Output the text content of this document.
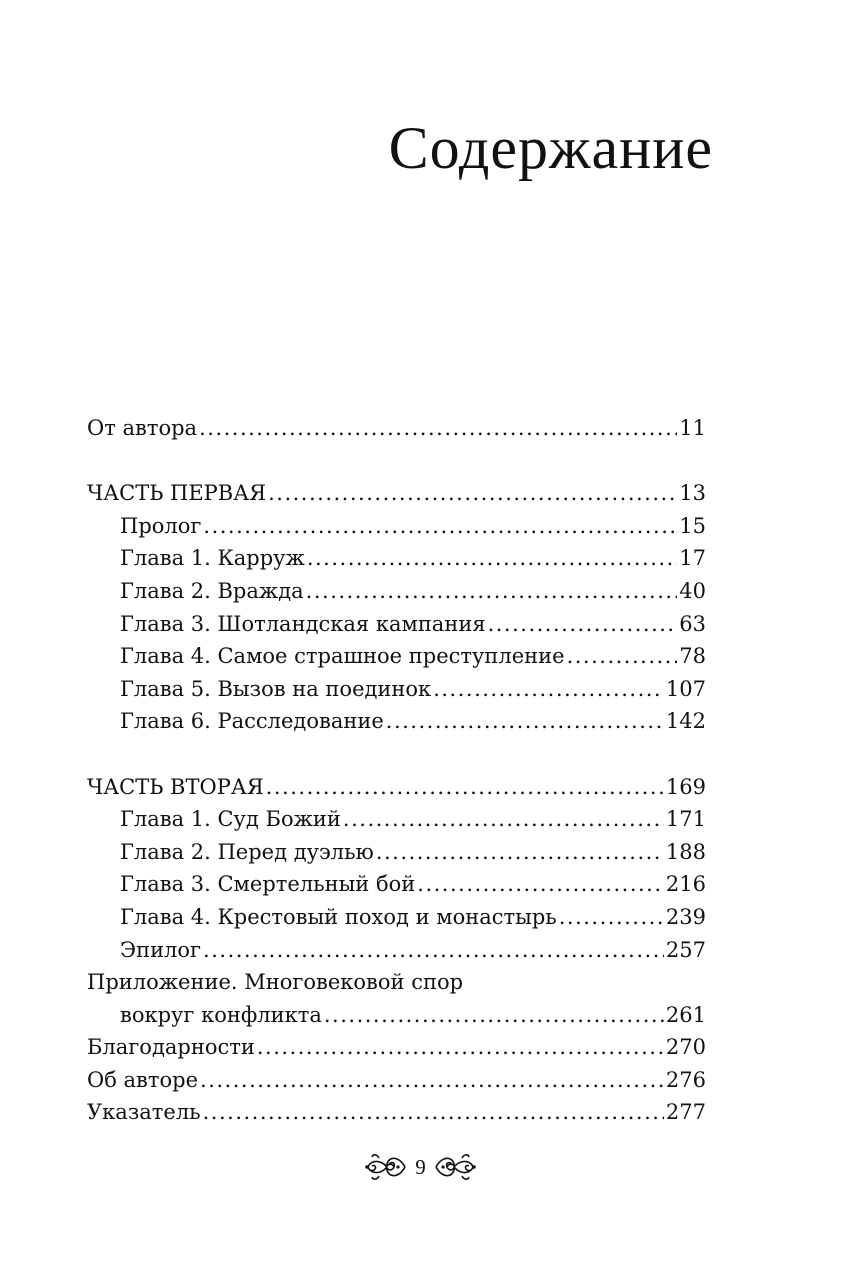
Содержание
От автора .....	11
ЧАСТЬ ПЕРВАЯ .....	13
Пролог .....	15
Глава 1. Карруж .....	17
Глава 2. Вражда .....	40
Глава 3. Шотландская кампания .....	63
Глава 4. Самое страшное преступление .....	78
Глава 5. Вызов на поединок .....	107
Глава 6. Расследование .....	142
ЧАСТЬ ВТОРАЯ .....	169
Глава 1. Суд Божий .....	171
Глава 2. Перед дуэлью .....	188
Глава 3. Смертельный бой .....	216
Глава 4. Крестовый поход и монастырь .....	239
Эпилог .....	257
Приложение. Многовековой спор
вокруг конфликта .....	261
Благодарности .....	270
Об авторе .....	276
Указатель .....	277
9
